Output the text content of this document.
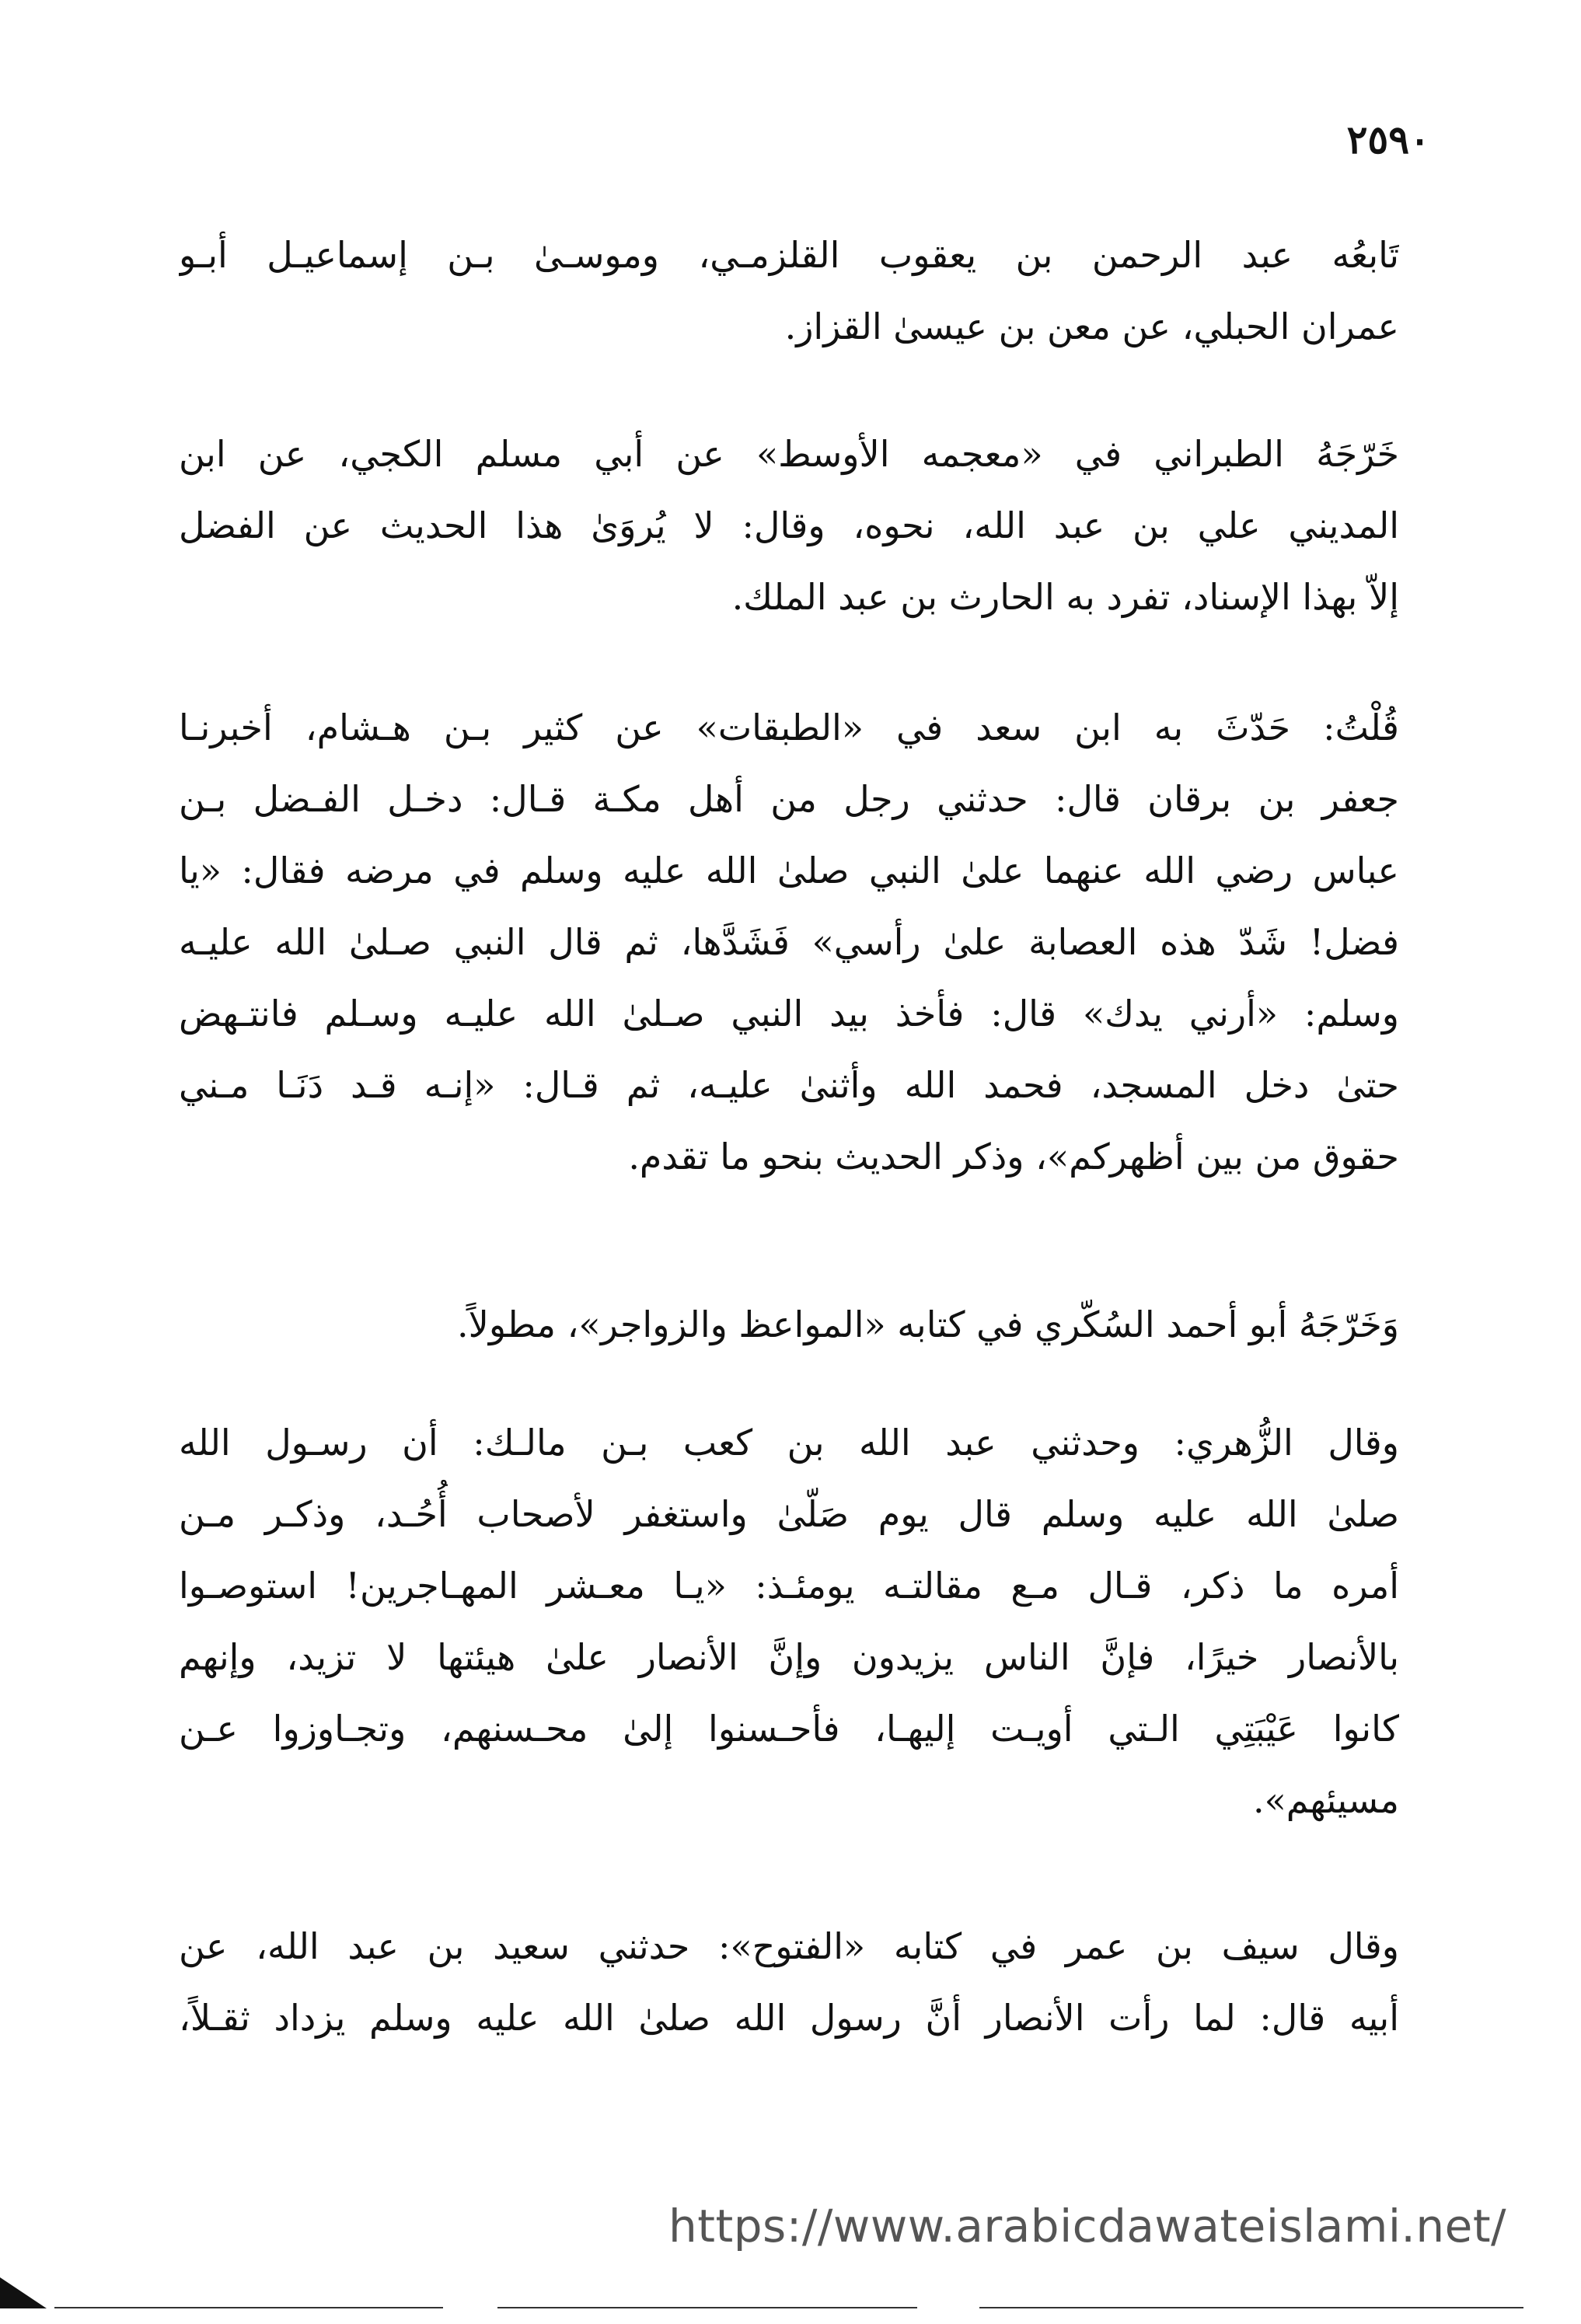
٢٥٩٠
تَابعُه عبد الرحمن بن يعقوب القلزمـي، وموسـىٰ بـن إسماعيـل أبـو
عمران الحبلي، عن معن بن عيسىٰ القزاز.
خَرّجَهُ الطبراني في «معجمه الأوسط» عن أبي مسلم الكجي، عن ابن
المديني علي بن عبد الله، نحوه، وقال: لا يُروَىٰ هذا الحديث عن الفضل
إلاّ بهذا الإسناد، تفرد به الحارث بن عبد الملك.
قُلْتُ: حَدّثَ به ابن سعد في «الطبقات» عن كثير بـن هـشام، أخبرنـا
جعفر بن برقان قال: حدثني رجل من أهل مكـة قـال: دخـل الفـضل بـن
عباس رضي الله عنهما علىٰ النبي صلىٰ الله عليه وسلم في مرضه فقال: «يا
فضل! شَدّ هذه العصابة علىٰ رأسي» فَشَدَّها، ثم قال النبي صـلىٰ الله عليـه
وسلم: «أرني يدك» قال: فأخذ بيد النبي صـلىٰ الله عليـه وسـلم فانتـهض
حتىٰ دخل المسجد، فحمد الله وأثنىٰ عليـه، ثم قـال: «إنـه قـد دَنَـا مـني
حقوق من بين أظهركم»، وذكر الحديث بنحو ما تقدم.
وَخَرّجَهُ أبو أحمد السُكّري في كتابه «المواعظ والزواجر»، مطولاً.
وقال الزُّهري: وحدثني عبد الله بن كعب بـن مالـك: أن رسـول الله
صلىٰ الله عليه وسلم قال يوم صَلّىٰ واستغفر لأصحاب أُحُـد، وذكـر مـن
أمره ما ذكر، قـال مـع مقالتـه يومئـذ: «يـا معـشر المهـاجرين! استوصـوا
بالأنصار خيرًا، فإنَّ الناس يزيدون وإنَّ الأنصار علىٰ هيئتها لا تزيد، وإنهم
كانوا عَيْبَتِي الـتي أويـت إليهـا، فأحـسنوا إلىٰ محـسنهم، وتجـاوزوا عـن
مسيئهم».
وقال سيف بن عمر في كتابه «الفتوح»: حدثني سعيد بن عبد الله، عن
أبيه قال: لما رأت الأنصار أنَّ رسول الله صلىٰ الله عليه وسلم يزداد ثقـلاً،
https://www.arabicdawateislami.net/
